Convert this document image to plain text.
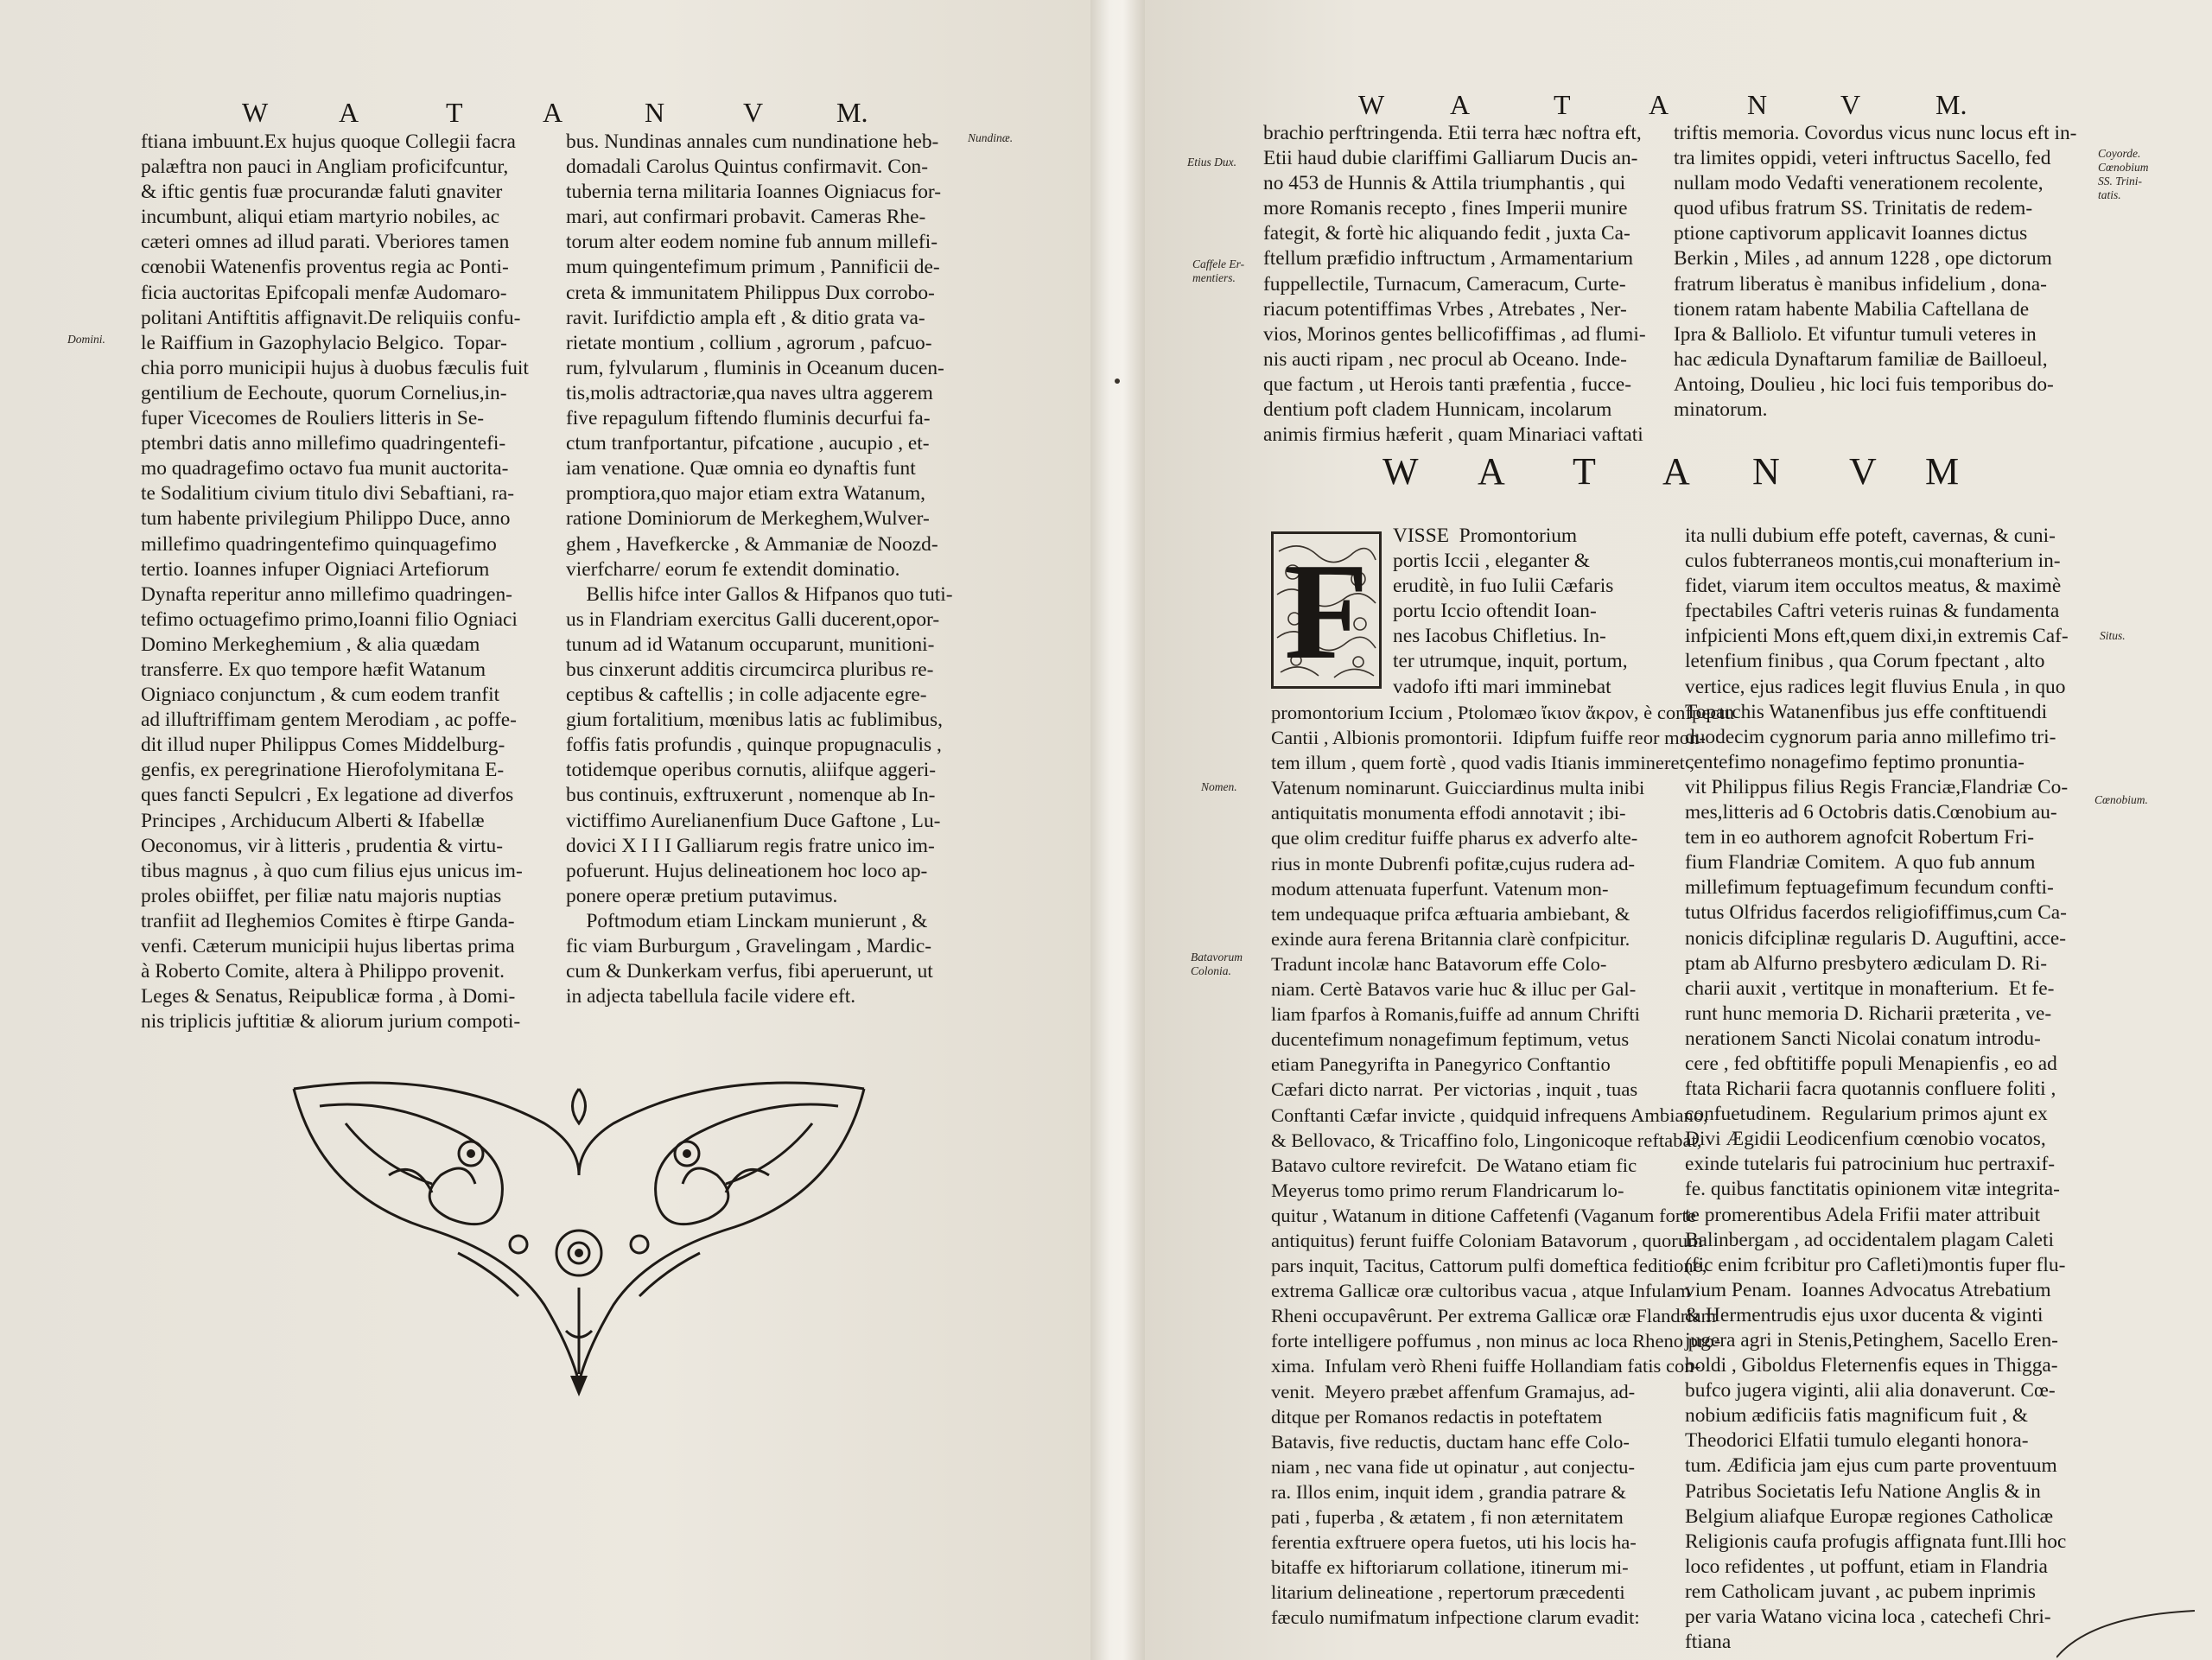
W	A	T	A	N	V	M.
Nundinæ.
Domini.
ftiana imbuunt.Ex hujus quoque Collegii facra
palæftra non pauci in Angliam proficifcuntur,
& iftic gentis fuæ procurandæ faluti gnaviter
incumbunt, aliqui etiam martyrio nobiles, ac
cæteri omnes ad illud parati. Vberiores tamen
cœnobii Watenenfis proventus regia ac Ponti-
ficia auctoritas Epifcopali menfæ Audomaro-
politani Antiftitis affignavit.De reliquiis confu-
le Raiffium in Gazophylacio Belgico.  Topar-
chia porro municipii hujus à duobus fæculis fuit
gentilium de Eechoute, quorum Cornelius,in-
fuper Vicecomes de Rouliers litteris in Se-
ptembri datis anno millefimo quadringentefi-
mo quadragefimo octavo fua munit auctorita-
te Sodalitium civium titulo divi Sebaftiani, ra-
tum habente privilegium Philippo Duce, anno
millefimo quadringentefimo quinquagefimo
tertio. Ioannes infuper Oigniaci Artefiorum
Dynafta reperitur anno millefimo quadringen-
tefimo octuagefimo primo,Ioanni filio Ogniaci
Domino Merkeghemium , & alia quædam
transferre. Ex quo tempore hæfit Watanum
Oigniaco conjunctum , & cum eodem tranfit
ad illuftriffimam gentem Merodiam , ac poffe-
dit illud nuper Philippus Comes Middelburg-
genfis, ex peregrinatione Hierofolymitana E-
ques fancti Sepulcri , Ex legatione ad diverfos
Principes , Archiducum Alberti & Ifabellæ
Oeconomus, vir à litteris , prudentia & virtu-
tibus magnus , à quo cum filius ejus unicus im-
proles obiiffet, per filiæ natu majoris nuptias
tranfiit ad Ileghemios Comites è ftirpe Ganda-
venfi. Cæterum municipii hujus libertas prima
à Roberto Comite, altera à Philippo provenit.
Leges & Senatus, Reipublicæ forma , à Domi-
nis triplicis juftitiæ & aliorum jurium compoti-
bus. Nundinas annales cum nundinatione heb-
domadali Carolus Quintus confirmavit. Con-
tubernia terna militaria Ioannes Oigniacus for-
mari, aut confirmari probavit. Cameras Rhe-
torum alter eodem nomine fub annum millefi-
mum quingentefimum primum , Pannificii de-
creta & immunitatem Philippus Dux corrobo-
ravit. Iurifdictio ampla eft , & ditio grata va-
rietate montium , collium , agrorum , pafcuo-
rum, fylvularum , fluminis in Oceanum ducen-
tis,molis adtractoriæ,qua naves ultra aggerem
five repagulum fiftendo fluminis decurfui fa-
ctum tranfportantur, pifcatione , aucupio , et-
iam venatione. Quæ omnia eo dynaftis funt
promptiora,quo major etiam extra Watanum,
ratione Dominiorum de Merkeghem,Wulver-
ghem , Havefkercke , & Ammaniæ de Noozd-
vierfcharre/ eorum fe extendit dominatio.
Bellis hifce inter Gallos & Hifpanos quo tuti-
us in Flandriam exercitus Galli ducerent,opor-
tunum ad id Watanum occuparunt, munitioni-
bus cinxerunt additis circumcirca pluribus re-
ceptibus & caftellis ; in colle adjacente egre-
gium fortalitium, mœnibus latis ac fublimibus,
foffis fatis profundis , quinque propugnaculis ,
totidemque operibus cornutis, aliifque aggeri-
bus continuis, exftruxerunt , nomenque ab In-
victiffimo Aurelianenfium Duce Gaftone , Lu-
dovici X I I I Galliarum regis fratre unico im-
pofuerunt. Hujus delineationem hoc loco ap-
ponere operæ pretium putavimus.
Poftmodum etiam Linckam munierunt , &
fic viam Burburgum , Gravelingam , Mardic-
cum & Dunkerkam verfus, fibi aperuerunt, ut
in adjecta tabellula facile videre eft.
W A	T	A	N	V	M.
Etius Dux.
Caffele Er-
mentiers.
Coyorde.
Cœnobium
SS. Trini-
tatis.
Nomen.
Situs.
Cœnobium.
Batavorum
Colonia.
brachio perftringenda. Etii terra hæc noftra eft,
Etii haud dubie clariffimi Galliarum Ducis an-
no 453 de Hunnis & Attila triumphantis , qui
more Romanis recepto , fines Imperii munire
fategit, & fortè hic aliquando fedit , juxta Ca-
ftellum præfidio inftructum , Armamentarium
fuppellectile, Turnacum, Cameracum, Curte-
riacum potentiffimas Vrbes , Atrebates , Ner-
vios, Morinos gentes bellicofiffimas , ad flumi-
nis aucti ripam , nec procul ab Oceano. Inde-
que factum , ut Herois tanti præfentia , fucce-
dentium poft cladem Hunnicam, incolarum
animis firmius hæferit , quam Minariaci vaftati
triftis memoria. Covordus vicus nunc locus eft in-
tra limites oppidi, veteri inftructus Sacello, fed
nullam modo Vedafti venerationem recolente,
quod ufibus fratrum SS. Trinitatis de redem-
ptione captivorum applicavit Ioannes dictus
Berkin , Miles , ad annum 1228 , ope dictorum
fratrum liberatus è manibus infidelium , dona-
tionem ratam habente Mabilia Caftellana de
Ipra & Balliolo. Et vifuntur tumuli veteres in
hac ædicula Dynaftarum familiæ de Bailloeul,
Antoing, Doulieu , hic loci fuis temporibus do-
minatorum.
W A T A N V M
F	VISSE  Promontorium
portis Iccii , eleganter &
eruditè, in fuo Iulii Cæfaris
portu Iccio oftendit Ioan-
nes Iacobus Chifletius. In-
ter utrumque, inquit, portum,
vadofo ifti mari imminebat
promontorium Iccium , Ptolomæo ἴκιον ἄκρον, è confpectu
Cantii , Albionis promontorii.  Idipfum fuiffe reor mon-
tem illum , quem fortè , quod vadis Itianis immineret ,
Vatenum nominarunt. Guicciardinus multa inibi
antiquitatis monumenta effodi annotavit ; ibi-
que olim creditur fuiffe pharus ex adverfo alte-
rius in monte Dubrenfi pofitæ,cujus rudera ad-
modum attenuata fuperfunt. Vatenum mon-
tem undequaque prifca æftuaria ambiebant, &
exinde aura ferena Britannia clarè confpicitur.
Tradunt incolæ hanc Batavorum effe Colo-
niam. Certè Batavos varie huc & illuc per Gal-
liam fparfos à Romanis,fuiffe ad annum Chrifti
ducentefimum nonagefimum feptimum, vetus
etiam Panegyrifta in Panegyrico Conftantio
Cæfari dicto narrat.  Per victorias , inquit , tuas
Conftanti Cæfar invicte , quidquid infrequens Ambiano,
& Bellovaco, & Tricaffino folo, Lingonicoque reftabat,
Batavo cultore revirefcit.  De Watano etiam fic
Meyerus tomo primo rerum Flandricarum lo-
quitur , Watanum in ditione Caffetenfi (Vaganum forte
antiquitus) ferunt fuiffe Coloniam Batavorum , quorum
pars inquit, Tacitus, Cattorum pulfi domeftica feditione,
extrema Gallicæ oræ cultoribus vacua , atque Infulam
Rheni occupavêrunt. Per extrema Gallicæ oræ Flandriam
forte intelligere poffumus , non minus ac loca Rheno pro-
xima.  Infulam verò Rheni fuiffe Hollandiam fatis con-
venit.  Meyero præbet affenfum Gramajus, ad-
ditque per Romanos redactis in poteftatem
Batavis, five reductis, ductam hanc effe Colo-
niam , nec vana fide ut opinatur , aut conjectu-
ra. Illos enim, inquit idem , grandia patrare &
pati , fuperba , & ætatem , fi non æternitatem
ferentia exftruere opera fuetos, uti his locis ha-
bitaffe ex hiftoriarum collatione, itinerum mi-
litarium delineatione , repertorum præcedenti
fæculo numifmatum infpectione clarum evadit:
ita nulli dubium effe poteft, cavernas, & cuni-
culos fubterraneos montis,cui monafterium in-
fidet, viarum item occultos meatus, & maximè
fpectabiles Caftri veteris ruinas & fundamenta
infpicienti Mons eft,quem dixi,in extremis Caf-
letenfium finibus , qua Corum fpectant , alto
vertice, ejus radices legit fluvius Enula , in quo
Toparchis Watanenfibus jus effe conftituendi
duodecim cygnorum paria anno millefimo tri-
centefimo nonagefimo feptimo pronuntia-
vit Philippus filius Regis Franciæ,Flandriæ Co-
mes,litteris ad 6 Octobris datis.Cœnobium au-
tem in eo authorem agnofcit Robertum Fri-
fium Flandriæ Comitem.  A quo fub annum
millefimum feptuagefimum fecundum confti-
tutus Olfridus facerdos religiofiffimus,cum Ca-
nonicis difciplinæ regularis D. Auguftini, acce-
ptam ab Alfurno presbytero ædiculam D. Ri-
charii auxit , vertitque in monafterium.  Et fe-
runt hunc memoria D. Richarii præterita , ve-
nerationem Sancti Nicolai conatum introdu-
cere , fed obftitiffe populi Menapienfis , eo ad
ftata Richarii facra quotannis confluere foliti ,
confuetudinem.  Regularium primos ajunt ex
Divi Ægidii Leodicenfium cœnobio vocatos,
exinde tutelaris fui patrocinium huc pertraxif-
fe. quibus fanctitatis opinionem vitæ integrita-
te promerentibus Adela Frifii mater attribuit
Balinbergam , ad occidentalem plagam Caleti
(fic enim fcribitur pro Cafleti)montis fuper flu-
vium Penam.  Ioannes Advocatus Atrebatium
& Hermentrudis ejus uxor ducenta & viginti
jugera agri in Stenis,Petinghem, Sacello Eren-
boldi , Giboldus Fleternenfis eques in Thigga-
bufco jugera viginti, alii alia donaverunt. Cœ-
nobium ædificiis fatis magnificum fuit , &
Theodorici Elfatii tumulo eleganti honora-
tum. Ædificia jam ejus cum parte proventuum
Patribus Societatis Iefu Natione Anglis & in
Belgium aliafque Europæ regiones Catholicæ
Religionis caufa profugis affignata funt.Illi hoc
loco refidentes , ut poffunt, etiam in Flandria
rem Catholicam juvant , ac pubem inprimis
per varia Watano vicina loca , catechefi Chri-
ftiana
